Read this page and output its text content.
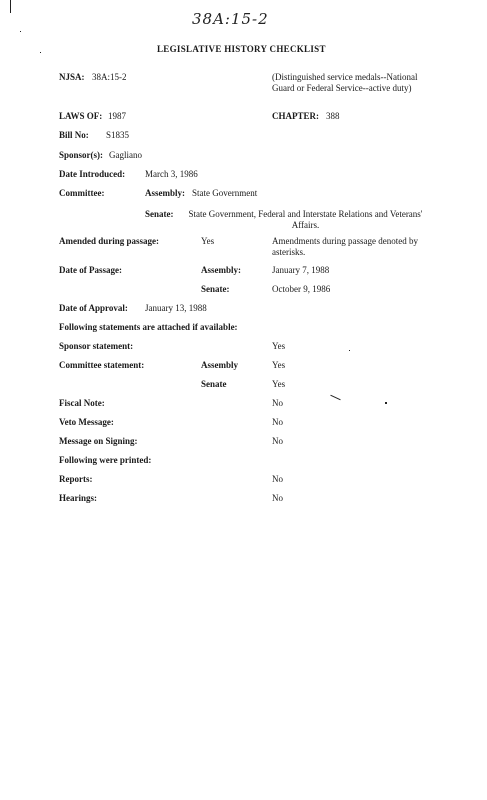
38A:15-2
LEGISLATIVE HISTORY CHECKLIST
NJSA: 38A:15-2	(Distinguished service medals--National Guard or Federal Service--active duty)
LAWS OF: 1987	CHAPTER: 388
Bill No: S1835
Sponsor(s): Gagliano
Date Introduced: March 3, 1986
Committee:	Assembly: State Government
Senate:	State Government, Federal and Interstate Relations and Veterans' Affairs.
Amended during passage:	Yes	Amendments during passage denoted by asterisks.
Date of Passage:	Assembly:	January 7, 1988
Senate:	October 9, 1986
Date of Approval: January 13, 1988
Following statements are attached if available:
Sponsor statement:	Yes
Committee statement:	Assembly	Yes
Senate	Yes
Fiscal Note:	No
Veto Message:	No
Message on Signing:	No
Following were printed:
Reports:	No
Hearings:	No
